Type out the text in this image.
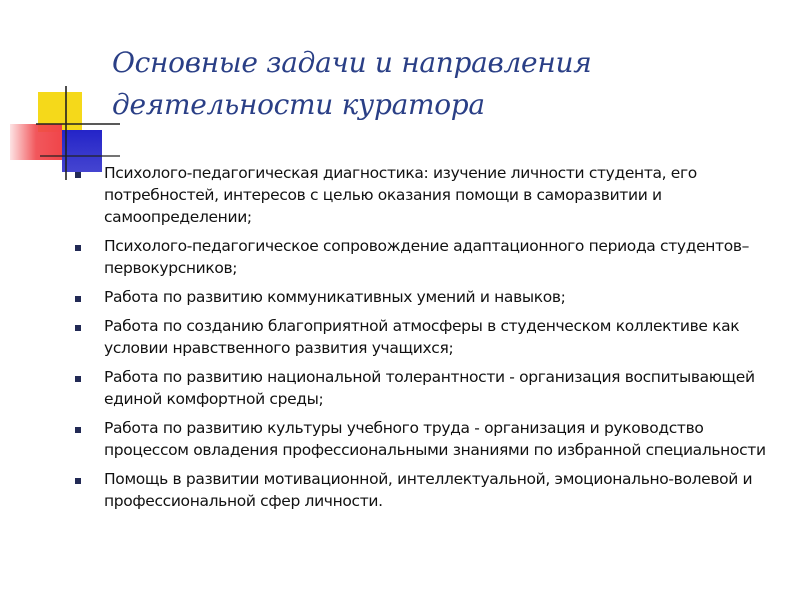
Основные задачи и направления
деятельности куратора
Психолого-педагогическая диагностика: изучение личности студента, его потребностей, интересов с целью оказания помощи в саморазвитии и самоопределении;
Психолого-педагогическое сопровождение адаптационного периода студентов–первокурсников;
Работа по развитию коммуникативных умений и навыков;
Работа по созданию благоприятной атмосферы в студенческом коллективе как условии нравственного развития учащихся;
Работа по развитию национальной толерантности - организация воспитывающей единой комфортной среды;
Работа по развитию культуры учебного труда - организация и руководство процессом овладения профессиональными знаниями по избранной специальности
Помощь в развитии мотивационной, интеллектуальной, эмоционально-волевой и профессиональной сфер личности.
